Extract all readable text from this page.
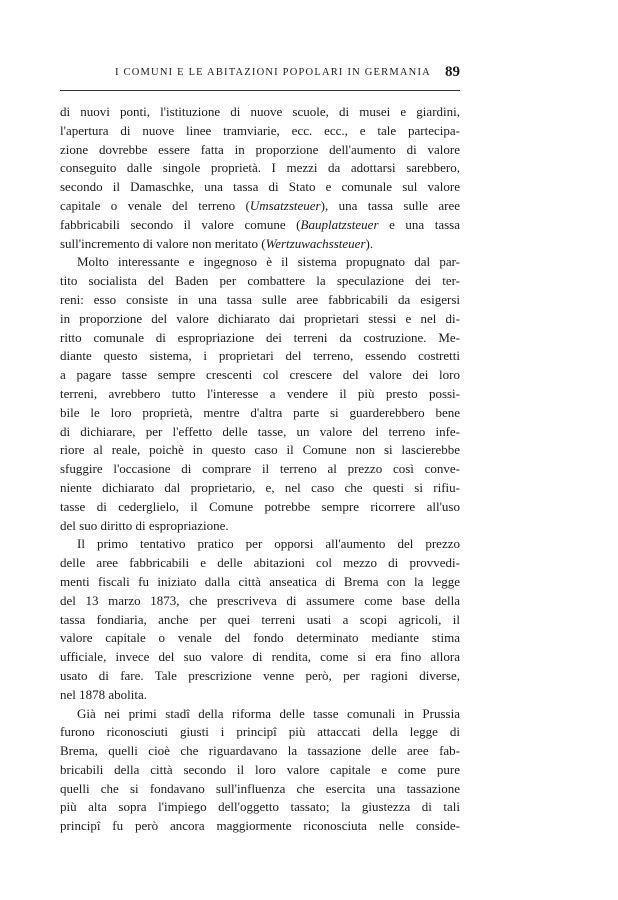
I COMUNI E LE ABITAZIONI POPOLARI IN GERMANIA 89
di nuovi ponti, l'istituzione di nuove scuole, di musei e giardini,
l'apertura di nuove linee tramviarie, ecc. ecc., e tale partecipa-
zione dovrebbe essere fatta in proporzione dell'aumento di valore
conseguito dalle singole proprietà. I mezzi da adottarsi sarebbero,
secondo il Damaschke, una tassa di Stato e comunale sul valore
capitale o venale del terreno (Umsatzsteuer), una tassa sulle aree
fabbricabili secondo il valore comune (Bauplatzsteuer e una tassa
sull'incremento di valore non meritato (Wertzuwachssteuer).
Molto interessante e ingegnoso è il sistema propugnato dal par-
tito socialista del Baden per combattere la speculazione dei ter-
reni: esso consiste in una tassa sulle aree fabbricabili da esigersi
in proporzione del valore dichiarato dai proprietari stessi e nel di-
ritto comunale di espropriazione dei terreni da costruzione. Me-
diante questo sistema, i proprietari del terreno, essendo costretti
a pagare tasse sempre crescenti col crescere del valore dei loro
terreni, avrebbero tutto l'interesse a vendere il più presto possi-
bile le loro proprietà, mentre d'altra parte si guarderebbero bene
di dichiarare, per l'effetto delle tasse, un valore del terreno infe-
riore al reale, poichè in questo caso il Comune non si lascierebbe
sfuggire l'occasione di comprare il terreno al prezzo così conve-
niente dichiarato dal proprietario, e, nel caso che questi si rifiu-
tasse di cederglielo, il Comune potrebbe sempre ricorrere all'uso
del suo diritto di espropriazione.
Il primo tentativo pratico per opporsi all'aumento del prezzo
delle aree fabbricabili e delle abitazioni col mezzo di provvedi-
menti fiscali fu iniziato dalla città anseatica di Brema con la legge
del 13 marzo 1873, che prescriveva di assumere come base della
tassa fondiaria, anche per quei terreni usati a scopi agricoli, il
valore capitale o venale del fondo determinato mediante stima
ufficiale, invece del suo valore di rendita, come si era fino allora
usato di fare. Tale prescrizione venne però, per ragioni diverse,
nel 1878 abolita.
Già nei primi stadî della riforma delle tasse comunali in Prussia
furono riconosciuti giusti i principî più attaccati della legge di
Brema, quelli cioè che riguardavano la tassazione delle aree fab-
bricabili della città secondo il loro valore capitale e come pure
quelli che si fondavano sull'influenza che esercita una tassazione
più alta sopra l'impiego dell'oggetto tassato; la giustezza di tali
principî fu però ancora maggiormente riconosciuta nelle conside-
